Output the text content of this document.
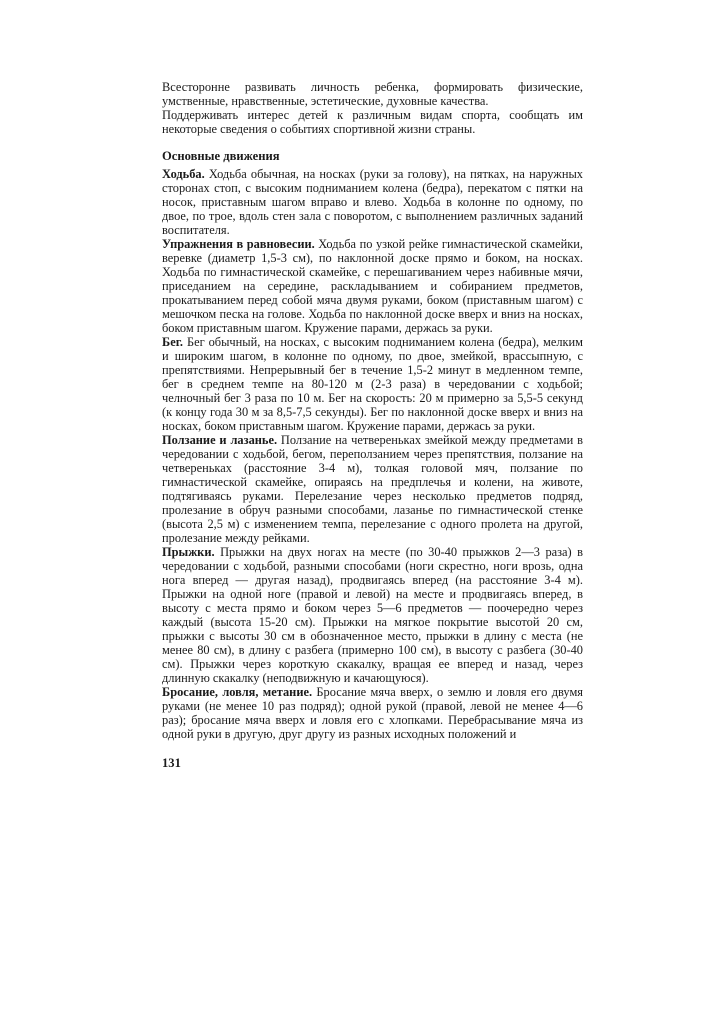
Всесторонне развивать личность ребенка, формировать физические, умственные, нравственные, эстетические, духовные качества.

Поддерживать интерес детей к различным видам спорта, сообщать им некоторые сведения о событиях спортивной жизни страны.

Основные движения

Ходьба. Ходьба обычная, на носках (руки за голову), на пятках, на наружных сторонах стоп, с высоким подниманием колена (бедра), перекатом с пятки на носок, приставным шагом вправо и влево. Ходьба в колонне по одному, по двое, по трое, вдоль стен зала с поворотом, с выполнением различных заданий воспитателя.

Упражнения в равновесии. Ходьба по узкой рейке гимнастической скамейки, веревке (диаметр 1,5-3 см), по наклонной доске прямо и боком, на носках. Ходьба по гимнастической скамейке, с перешагиванием через набивные мячи, приседанием на середине, раскладыванием и собиранием предметов, прокатыванием перед собой мяча двумя руками, боком (приставным шагом) с мешочком песка на голове. Ходьба по наклонной доске вверх и вниз на носках, боком приставным шагом. Кружение парами, держась за руки.

Бег. Бег обычный, на носках, с высоким подниманием колена (бедра), мелким и широким шагом, в колонне по одному, по двое, змейкой, врассыпную, с препятствиями. Непрерывный бег в течение 1,5-2 минут в медленном темпе, бег в среднем темпе на 80-120 м (2-3 раза) в чередовании с ходьбой; челночный бег 3 раза по 10 м. Бег на скорость: 20 м примерно за 5,5-5 секунд (к концу года 30 м за 8,5-7,5 секунды). Бег по наклонной доске вверх и вниз на носках, боком приставным шагом. Кружение парами, держась за руки.

Ползание и лазанье. Ползание на четвереньках змейкой между предметами в чередовании с ходьбой, бегом, переползанием через препятствия, ползание на четвереньках (расстояние 3-4 м), толкая головой мяч, ползание по гимнастической скамейке, опираясь на предплечья и колени, на животе, подтягиваясь руками. Перелезание через несколько предметов подряд, пролезание в обруч разными способами, лазанье по гимнастической стенке (высота 2,5 м) с изменением темпа, перелезание с одного пролета на другой, пролезание между рейками.

Прыжки. Прыжки на двух ногах на месте (по 30-40 прыжков 2—3 раза) в чередовании с ходьбой, разными способами (ноги скрестно, ноги врозь, одна нога вперед — другая назад), продвигаясь вперед (на расстояние 3-4 м). Прыжки на одной ноге (правой и левой) на месте и продвигаясь вперед, в высоту с места прямо и боком через 5—6 предметов — поочередно через каждый (высота 15-20 см). Прыжки на мягкое покрытие высотой 20 см, прыжки с высоты 30 см в обозначенное место, прыжки в длину с места (не менее 80 см), в длину с разбега (примерно 100 см), в высоту с разбега (30-40 см). Прыжки через короткую скакалку, вращая ее вперед и назад, через длинную скакалку (неподвижную и качающуюся).

Бросание, ловля, метание. Бросание мяча вверх, о землю и ловля его двумя руками (не менее 10 раз подряд); одной рукой (правой, левой не менее 4—6 раз); бросание мяча вверх и ловля его с хлопками. Перебрасывание мяча из одной руки в другую, друг другу из разных исходных положений и

131
